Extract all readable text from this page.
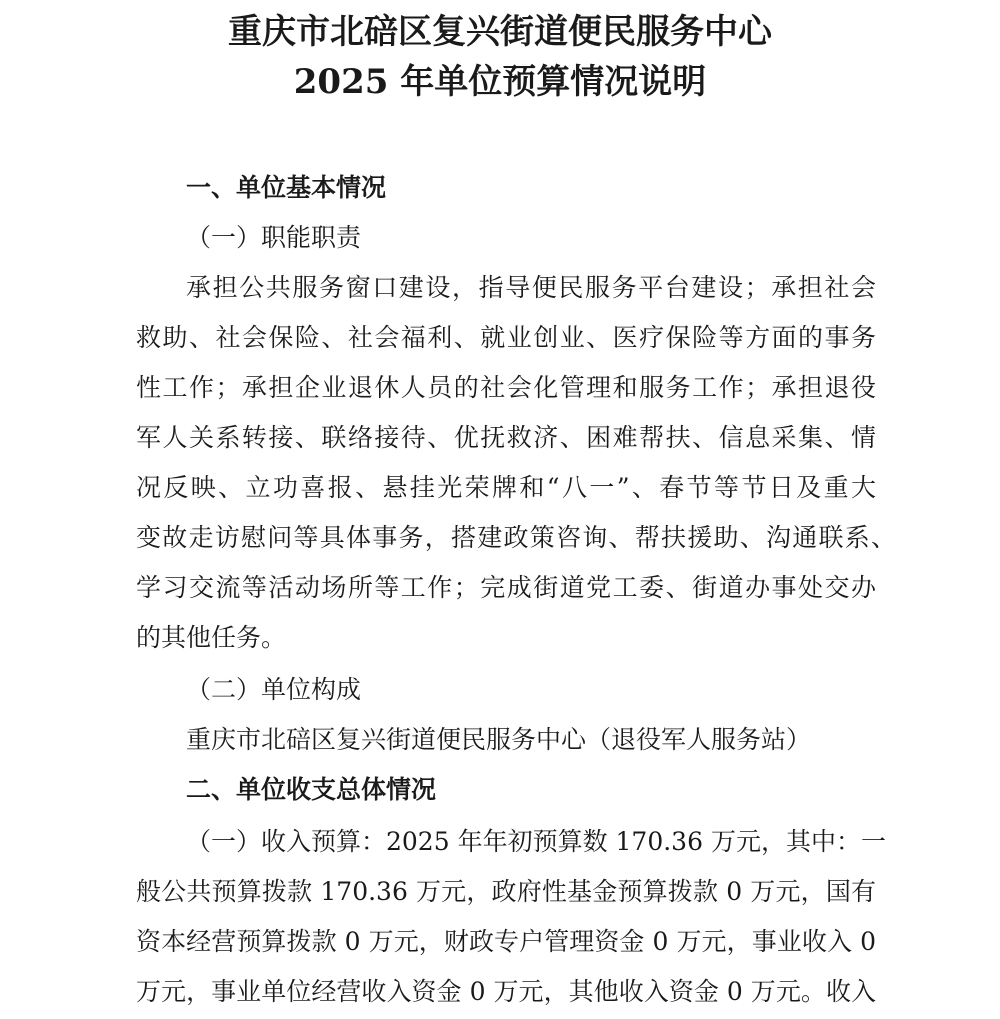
重庆市北碚区复兴街道便民服务中心
2025 年单位预算情况说明
一、单位基本情况
（一）职能职责
承担公共服务窗口建设，指导便民服务平台建设；承担社会
救助、社会保险、社会福利、就业创业、医疗保险等方面的事务
性工作；承担企业退休人员的社会化管理和服务工作；承担退役
军人关系转接、联络接待、优抚救济、困难帮扶、信息采集、情
况反映、立功喜报、悬挂光荣牌和“八一”、春节等节日及重大
变故走访慰问等具体事务，搭建政策咨询、帮扶援助、沟通联系、
学习交流等活动场所等工作；完成街道党工委、街道办事处交办
的其他任务。
（二）单位构成
重庆市北碚区复兴街道便民服务中心（退役军人服务站）
二、单位收支总体情况
（一）收入预算：2025 年年初预算数 170.36 万元，其中：一
般公共预算拨款 170.36 万元，政府性基金预算拨款 0 万元，国有
资本经营预算拨款 0 万元，财政专户管理资金 0 万元，事业收入 0
万元，事业单位经营收入资金 0 万元，其他收入资金 0 万元。收入
